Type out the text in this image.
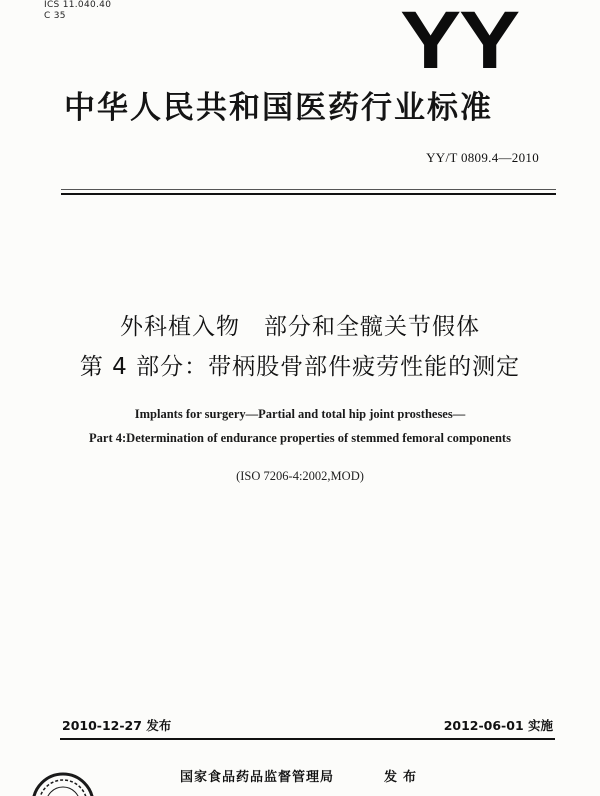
ICS 11.040.40
C 35	YY
中华人民共和国医药行业标准
YY/T 0809.4—2010
外科植入物　部分和全髋关节假体
第 4 部分：带柄股骨部件疲劳性能的测定
Implants for surgery—Partial and total hip joint prostheses—
Part 4:Determination of endurance properties of stemmed femoral components
(ISO 7206-4:2002,MOD)
2010-12-27 发布	2012-06-01 实施
国家食品药品监督管理局	发布
